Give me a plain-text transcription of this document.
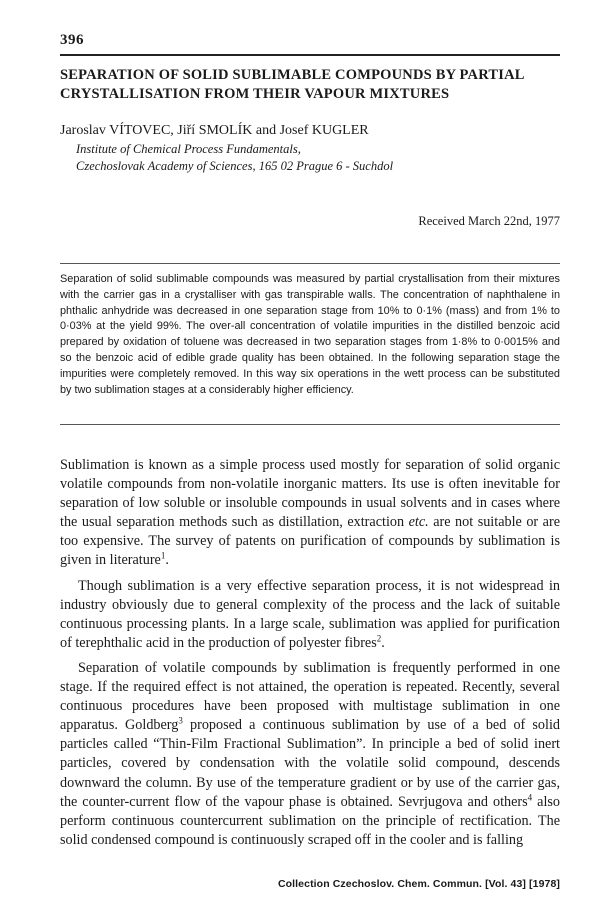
396
SEPARATION OF SOLID SUBLIMABLE COMPOUNDS BY PARTIAL CRYSTALLISATION FROM THEIR VAPOUR MIXTURES
Jaroslav VÍTOVEC, Jiří SMOLÍK and Josef KUGLER
Institute of Chemical Process Fundamentals,
Czechoslovak Academy of Sciences, 165 02 Prague 6 - Suchdol
Received March 22nd, 1977

Separation of solid sublimable compounds was measured by partial crystallisation from their mixtures with the carrier gas in a crystalliser with gas transpirable walls. The concentration of naphthalene in phthalic anhydride was decreased in one separation stage from 10% to 0·1% (mass) and from 1% to 0·03% at the yield 99%. The over-all concentration of volatile impurities in the distilled benzoic acid prepared by oxidation of toluene was decreased in two separation stages from 1·8% to 0·0015% and so the benzoic acid of edible grade quality has been obtained. In the following separation stage the impurities were completely removed. In this way six operations in the wett process can be substituted by two sublimation stages at a considerably higher efficiency.

Sublimation is known as a simple process used mostly for separation of solid organic volatile compounds from non-volatile inorganic matters. Its use is often inevitable for separation of low soluble or insoluble compounds in usual solvents and in cases where the usual separation methods such as distillation, extraction etc. are not suitable or are too expensive. The survey of patents on purification of compounds by sublimation is given in literature$^1$.

Though sublimation is a very effective separation process, it is not widespread in industry obviously due to general complexity of the process and the lack of suitable continuous processing plants. In a large scale, sublimation was applied for purification of terephthalic acid in the production of polyester fibres$^2$.

Separation of volatile compounds by sublimation is frequently performed in one stage. If the required effect is not attained, the operation is repeated. Recently, several continuous procedures have been proposed with multistage sublimation in one apparatus. Goldberg$^3$ proposed a continuous sublimation by use of a bed of solid particles called “Thin-Film Fractional Sublimation”. In principle a bed of solid inert particles, covered by condensation with the volatile solid compound, descends downward the column. By use of the temperature gradient or by use of the carrier gas, the counter-current flow of the vapour phase is obtained. Sevrjugova and others$^4$ also perform continuous countercurrent sublimation on the principle of rectification. The solid condensed compound is continuously scraped off in the cooler and is falling

Collection Czechoslov. Chem. Commun. [Vol. 43] [1978]
